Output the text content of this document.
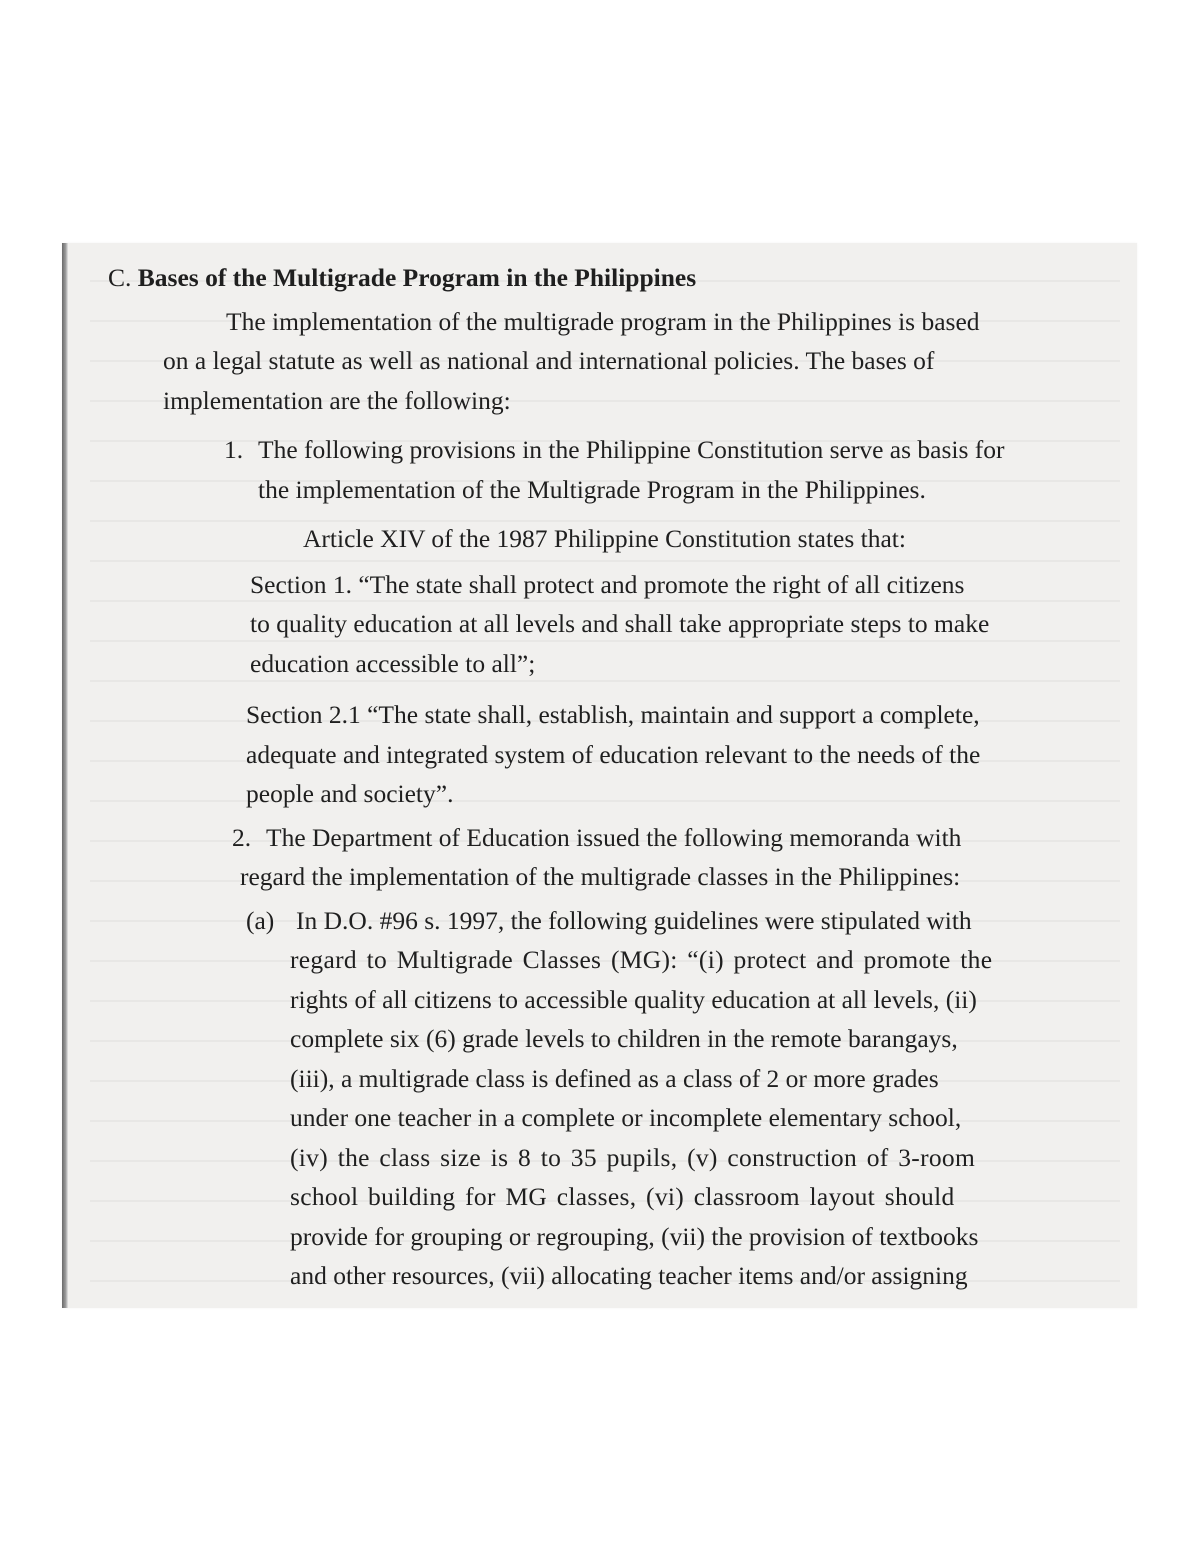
C. Bases of the Multigrade Program in the Philippines
The implementation of the multigrade program in the Philippines is based
on a legal statute as well as national and international policies. The bases of
implementation are the following:
1. The following provisions in the Philippine Constitution serve as basis for
the implementation of the Multigrade Program in the Philippines.
Article XIV of the 1987 Philippine Constitution states that:
Section 1. “The state shall protect and promote the right of all citizens
to quality education at all levels and shall take appropriate steps to make
education accessible to all”;
Section 2.1 “The state shall, establish, maintain and support a complete,
adequate and integrated system of education relevant to the needs of the
people and society”.
2. The Department of Education issued the following memoranda with
regard the implementation of the multigrade classes in the Philippines:
(a) In D.O. #96 s. 1997, the following guidelines were stipulated with
regard to Multigrade Classes (MG): “(i) protect and promote the
rights of all citizens to accessible quality education at all levels, (ii)
complete six (6) grade levels to children in the remote barangays,
(iii), a multigrade class is defined as a class of 2 or more grades
under one teacher in a complete or incomplete elementary school,
(iv) the class size is 8 to 35 pupils, (v) construction of 3-room
school building for MG classes, (vi) classroom layout should
provide for grouping or regrouping, (vii) the provision of textbooks
and other resources, (vii) allocating teacher items and/or assigning
